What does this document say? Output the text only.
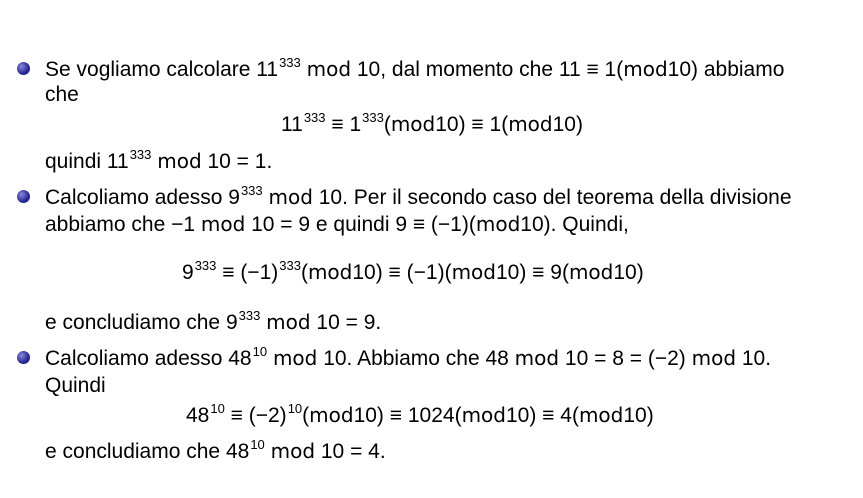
Se vogliamo calcolare $11^{333}$ mod 10, dal momento che 11 ≡ 1(mod10) abbiamo
che
$11^{333} \equiv 1^{333}(mod10) \equiv 1(mod10)$
quindi $11^{333}$ mod 10 = 1.
Calcoliamo adesso $9^{333}$ mod 10. Per il secondo caso del teorema della divisione
abbiamo che −1 mod 10 = 9 e quindi 9 ≡ (−1)(mod10). Quindi,
$9^{333} \equiv (-1)^{333}(mod10) \equiv (-1)(mod10) \equiv 9(mod10)$
e concludiamo che $9^{333}$ mod 10 = 9.
Calcoliamo adesso $48^{10}$ mod 10. Abbiamo che 48 mod 10 = 8 = (−2) mod 10.
Quindi
$48^{10} \equiv (-2)^{10}(mod10) \equiv 1024(mod10) \equiv 4(mod10)$
e concludiamo che $48^{10}$ mod 10 = 4.
